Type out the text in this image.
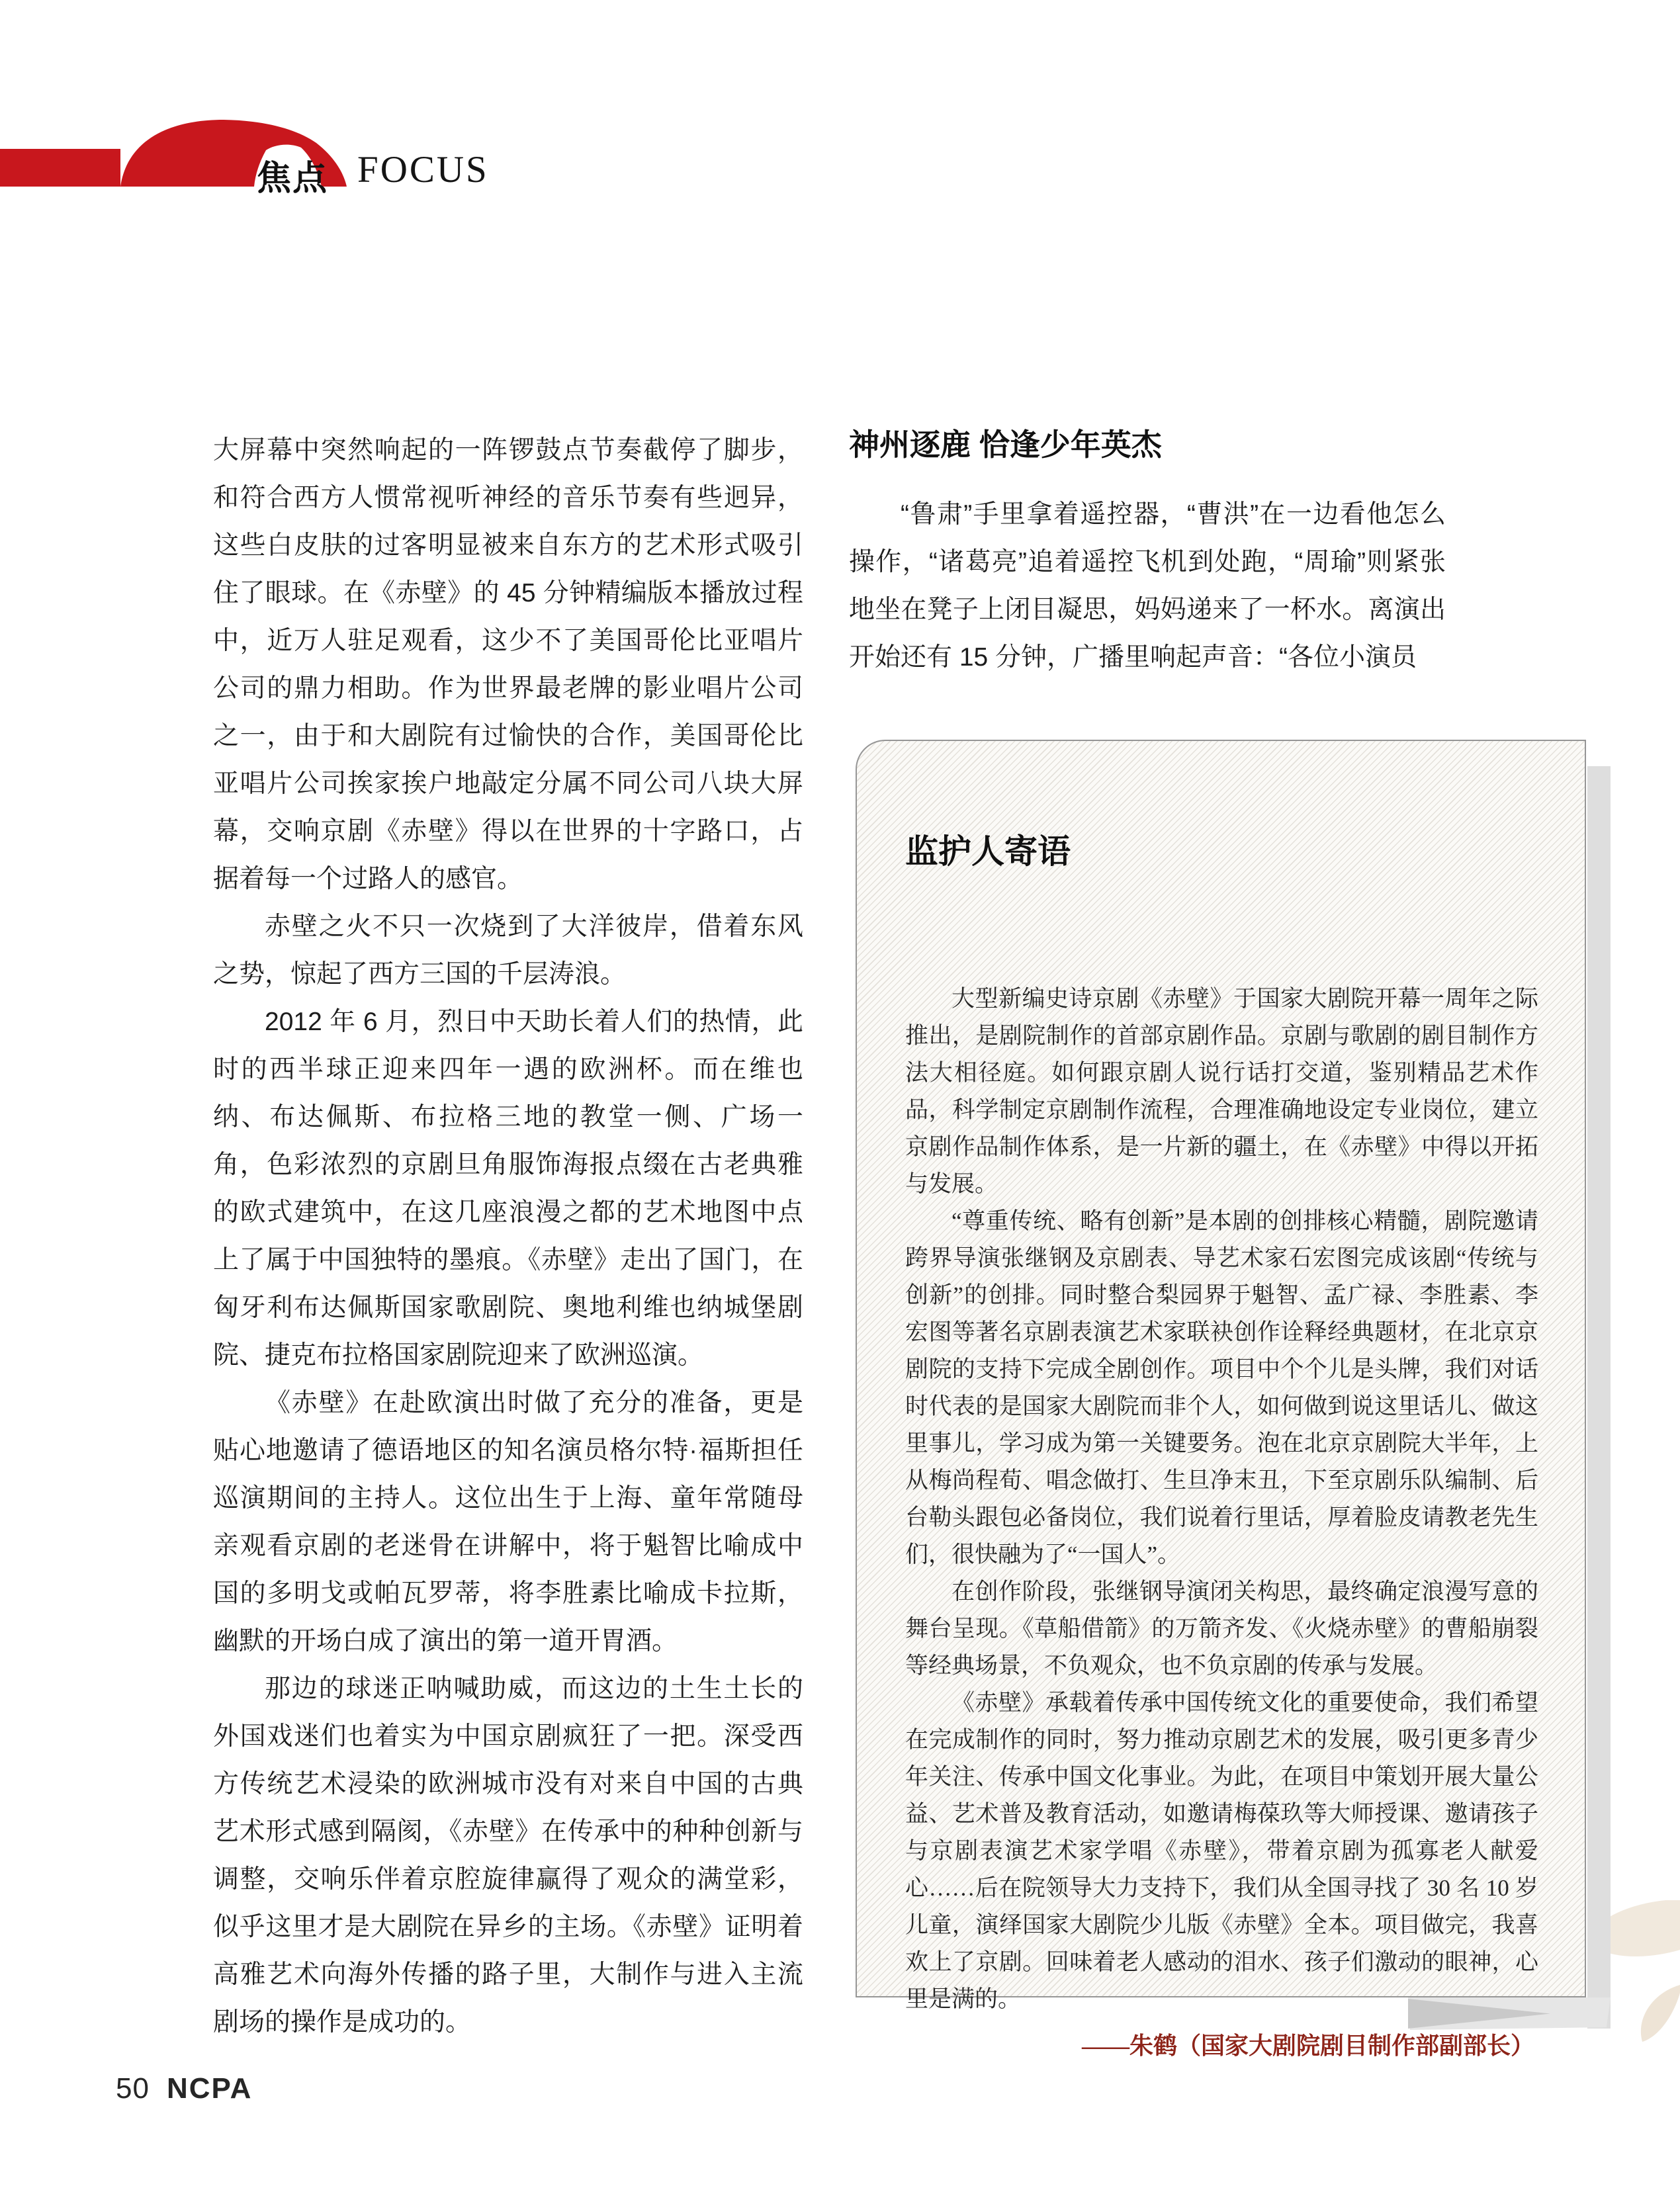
焦点 FOCUS

大屏幕中突然响起的一阵锣鼓点节奏截停了脚步，和符合西方人惯常视听神经的音乐节奏有些迥异，这些白皮肤的过客明显被来自东方的艺术形式吸引住了眼球。在《赤壁》的 45 分钟精编版本播放过程中，近万人驻足观看，这少不了美国哥伦比亚唱片公司的鼎力相助。作为世界最老牌的影业唱片公司之一，由于和大剧院有过愉快的合作，美国哥伦比亚唱片公司挨家挨户地敲定分属不同公司八块大屏幕，交响京剧《赤壁》得以在世界的十字路口，占据着每一个过路人的感官。

赤壁之火不只一次烧到了大洋彼岸，借着东风之势，惊起了西方三国的千层涛浪。

2012 年 6 月，烈日中天助长着人们的热情，此时的西半球正迎来四年一遇的欧洲杯。而在维也纳、布达佩斯、布拉格三地的教堂一侧、广场一角，色彩浓烈的京剧旦角服饰海报点缀在古老典雅的欧式建筑中，在这几座浪漫之都的艺术地图中点上了属于中国独特的墨痕。《赤壁》走出了国门，在匈牙利布达佩斯国家歌剧院、奥地利维也纳城堡剧院、捷克布拉格国家剧院迎来了欧洲巡演。

《赤壁》在赴欧演出时做了充分的准备，更是贴心地邀请了德语地区的知名演员格尔特·福斯担任巡演期间的主持人。这位出生于上海、童年常随母亲观看京剧的老迷骨在讲解中，将于魁智比喻成中国的多明戈或帕瓦罗蒂，将李胜素比喻成卡拉斯，幽默的开场白成了演出的第一道开胃酒。

那边的球迷正呐喊助威，而这边的土生土长的外国戏迷们也着实为中国京剧疯狂了一把。深受西方传统艺术浸染的欧洲城市没有对来自中国的古典艺术形式感到隔阂，《赤壁》在传承中的种种创新与调整，交响乐伴着京腔旋律赢得了观众的满堂彩，似乎这里才是大剧院在异乡的主场。《赤壁》证明着高雅艺术向海外传播的路子里，大制作与进入主流剧场的操作是成功的。

神州逐鹿 恰逢少年英杰

“鲁肃”手里拿着遥控器，“曹洪”在一边看他怎么操作，“诸葛亮”追着遥控飞机到处跑，“周瑜”则紧张地坐在凳子上闭目凝思，妈妈递来了一杯水。离演出开始还有 15 分钟，广播里响起声音：“各位小演员

监护人寄语

大型新编史诗京剧《赤壁》于国家大剧院开幕一周年之际推出，是剧院制作的首部京剧作品。京剧与歌剧的剧目制作方法大相径庭。如何跟京剧人说行话打交道，鉴别精品艺术作品，科学制定京剧制作流程，合理准确地设定专业岗位，建立京剧作品制作体系，是一片新的疆土，在《赤壁》中得以开拓与发展。

“尊重传统、略有创新”是本剧的创排核心精髓，剧院邀请跨界导演张继钢及京剧表、导艺术家石宏图完成该剧“传统与创新”的创排。同时整合梨园界于魁智、孟广禄、李胜素、李宏图等著名京剧表演艺术家联袂创作诠释经典题材，在北京京剧院的支持下完成全剧创作。项目中个个儿是头牌，我们对话时代表的是国家大剧院而非个人，如何做到说这里话儿、做这里事儿，学习成为第一关键要务。泡在北京京剧院大半年，上从梅尚程荀、唱念做打、生旦净末丑，下至京剧乐队编制、后台勒头跟包必备岗位，我们说着行里话，厚着脸皮请教老先生们，很快融为了“一国人”。

在创作阶段，张继钢导演闭关构思，最终确定浪漫写意的舞台呈现。《草船借箭》的万箭齐发、《火烧赤壁》的曹船崩裂等经典场景，不负观众，也不负京剧的传承与发展。

《赤壁》承载着传承中国传统文化的重要使命，我们希望在完成制作的同时，努力推动京剧艺术的发展，吸引更多青少年关注、传承中国文化事业。为此，在项目中策划开展大量公益、艺术普及教育活动，如邀请梅葆玖等大师授课、邀请孩子与京剧表演艺术家学唱《赤壁》，带着京剧为孤寡老人献爱心……后在院领导大力支持下，我们从全国寻找了 30 名 10 岁儿童，演绎国家大剧院少儿版《赤壁》全本。项目做完，我喜欢上了京剧。回味着老人感动的泪水、孩子们激动的眼神，心里是满的。

——朱鹤（国家大剧院剧目制作部副部长）

50 NCPA
